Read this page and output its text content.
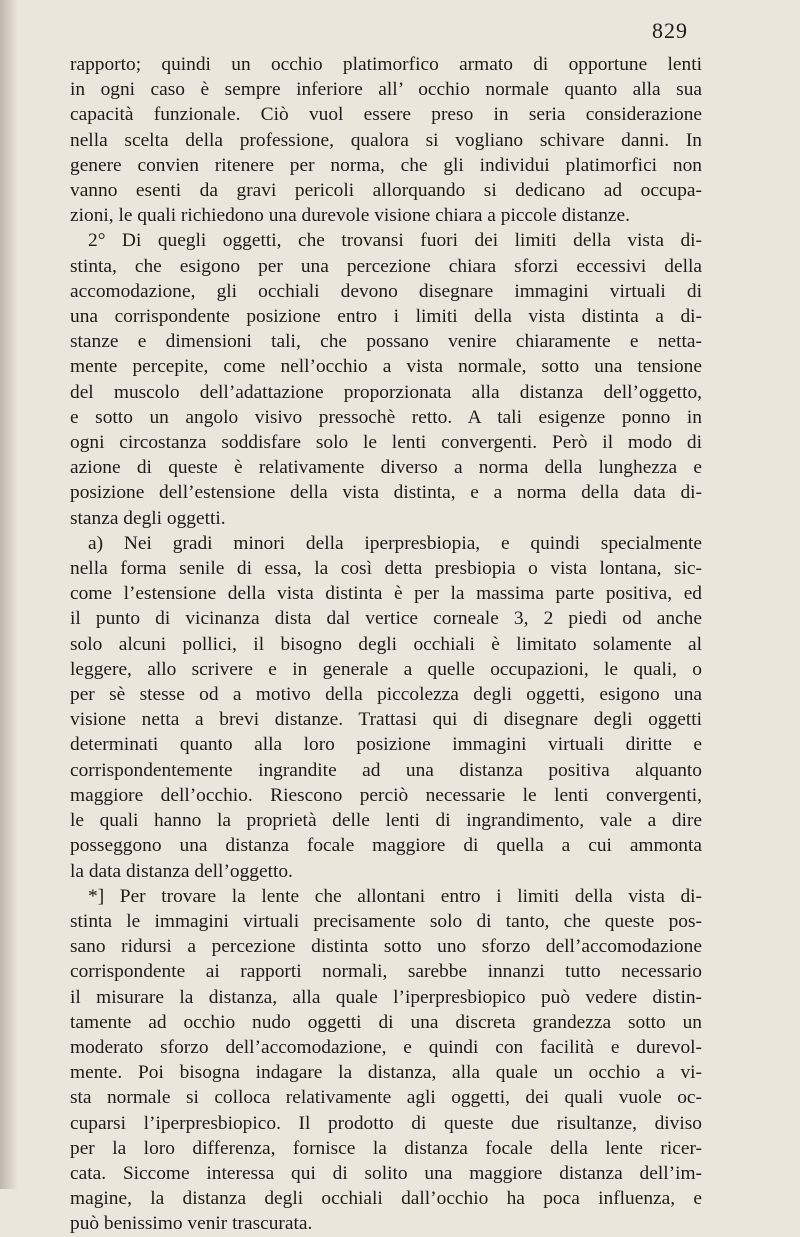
829
rapporto; quindi un occhio platimorfico armato di opportune lenti
in ogni caso è sempre inferiore all’ occhio normale quanto alla sua
capacità funzionale. Ciò vuol essere preso in seria considerazione
nella scelta della professione, qualora si vogliano schivare danni. In
genere convien ritenere per norma, che gli individui platimorfici non
vanno esenti da gravi pericoli allorquando si dedicano ad occupa-
zioni, le quali richiedono una durevole visione chiara a piccole distanze.
2° Di quegli oggetti, che trovansi fuori dei limiti della vista di-
stinta, che esigono per una percezione chiara sforzi eccessivi della
accomodazione, gli occhiali devono disegnare immagini virtuali di
una corrispondente posizione entro i limiti della vista distinta a di-
stanze e dimensioni tali, che possano venire chiaramente e netta-
mente percepite, come nell’occhio a vista normale, sotto una tensione
del muscolo dell’adattazione proporzionata alla distanza dell’oggetto,
e sotto un angolo visivo pressochè retto. A tali esigenze ponno in
ogni circostanza soddisfare solo le lenti convergenti. Però il modo di
azione di queste è relativamente diverso a norma della lunghezza e
posizione dell’estensione della vista distinta, e a norma della data di-
stanza degli oggetti.
a) Nei gradi minori della iperpresbiopia, e quindi specialmente
nella forma senile di essa, la così detta presbiopia o vista lontana, sic-
come l’estensione della vista distinta è per la massima parte positiva, ed
il punto di vicinanza dista dal vertice corneale 3, 2 piedi od anche
solo alcuni pollici, il bisogno degli occhiali è limitato solamente al
leggere, allo scrivere e in generale a quelle occupazioni, le quali, o
per sè stesse od a motivo della piccolezza degli oggetti, esigono una
visione netta a brevi distanze. Trattasi qui di disegnare degli oggetti
determinati quanto alla loro posizione immagini virtuali diritte e
corrispondentemente ingrandite ad una distanza positiva alquanto
maggiore dell’occhio. Riescono perciò necessarie le lenti convergenti,
le quali hanno la proprietà delle lenti di ingrandimento, vale a dire
posseggono una distanza focale maggiore di quella a cui ammonta
la data distanza dell’oggetto.
*] Per trovare la lente che allontani entro i limiti della vista di-
stinta le immagini virtuali precisamente solo di tanto, che queste pos-
sano ridursi a percezione distinta sotto uno sforzo dell’accomodazione
corrispondente ai rapporti normali, sarebbe innanzi tutto necessario
il misurare la distanza, alla quale l’iperpresbiopico può vedere distin-
tamente ad occhio nudo oggetti di una discreta grandezza sotto un
moderato sforzo dell’accomodazione, e quindi con facilità e durevol-
mente. Poi bisogna indagare la distanza, alla quale un occhio a vi-
sta normale si colloca relativamente agli oggetti, dei quali vuole oc-
cuparsi l’iperpresbiopico. Il prodotto di queste due risultanze, diviso
per la loro differenza, fornisce la distanza focale della lente ricer-
cata. Siccome interessa qui di solito una maggiore distanza dell’im-
magine, la distanza degli occhiali dall’occhio ha poca influenza, e
può benissimo venir trascurata.
